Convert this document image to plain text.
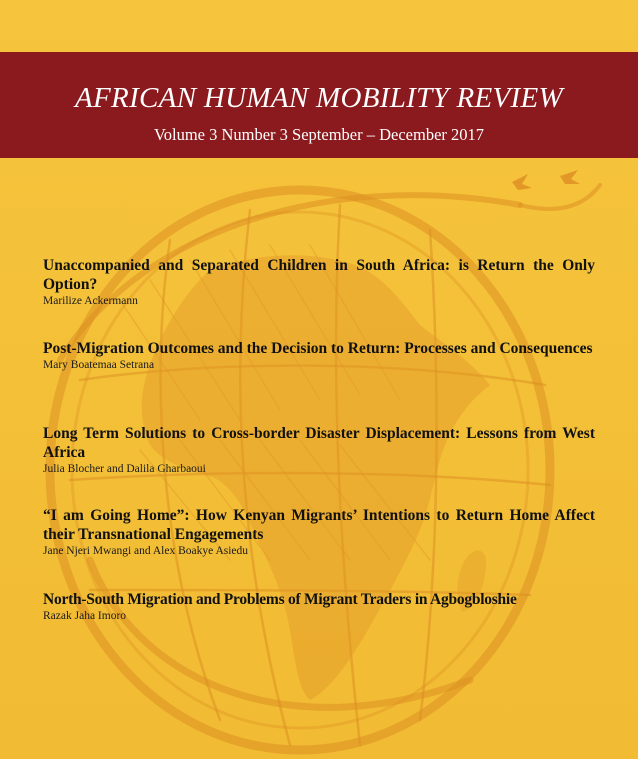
AFRICAN HUMAN MOBILITY REVIEW
Volume 3 Number 3 September – December 2017
Unaccompanied and Separated Children in South Africa: is Return the Only Option?
Marilize Ackermann
Post-Migration Outcomes and the Decision to Return: Processes and Consequences
Mary Boatemaa Setrana
Long Term Solutions to Cross-border Disaster Displacement: Lessons from West Africa
Julia Blocher and Dalila Gharbaoui
“I am Going Home”: How Kenyan Migrants’ Intentions to Return Home Affect their Transnational Engagements
Jane Njeri Mwangi and Alex Boakye Asiedu
North-South Migration and Problems of Migrant Traders in Agbogbloshie
Razak Jaha Imoro
